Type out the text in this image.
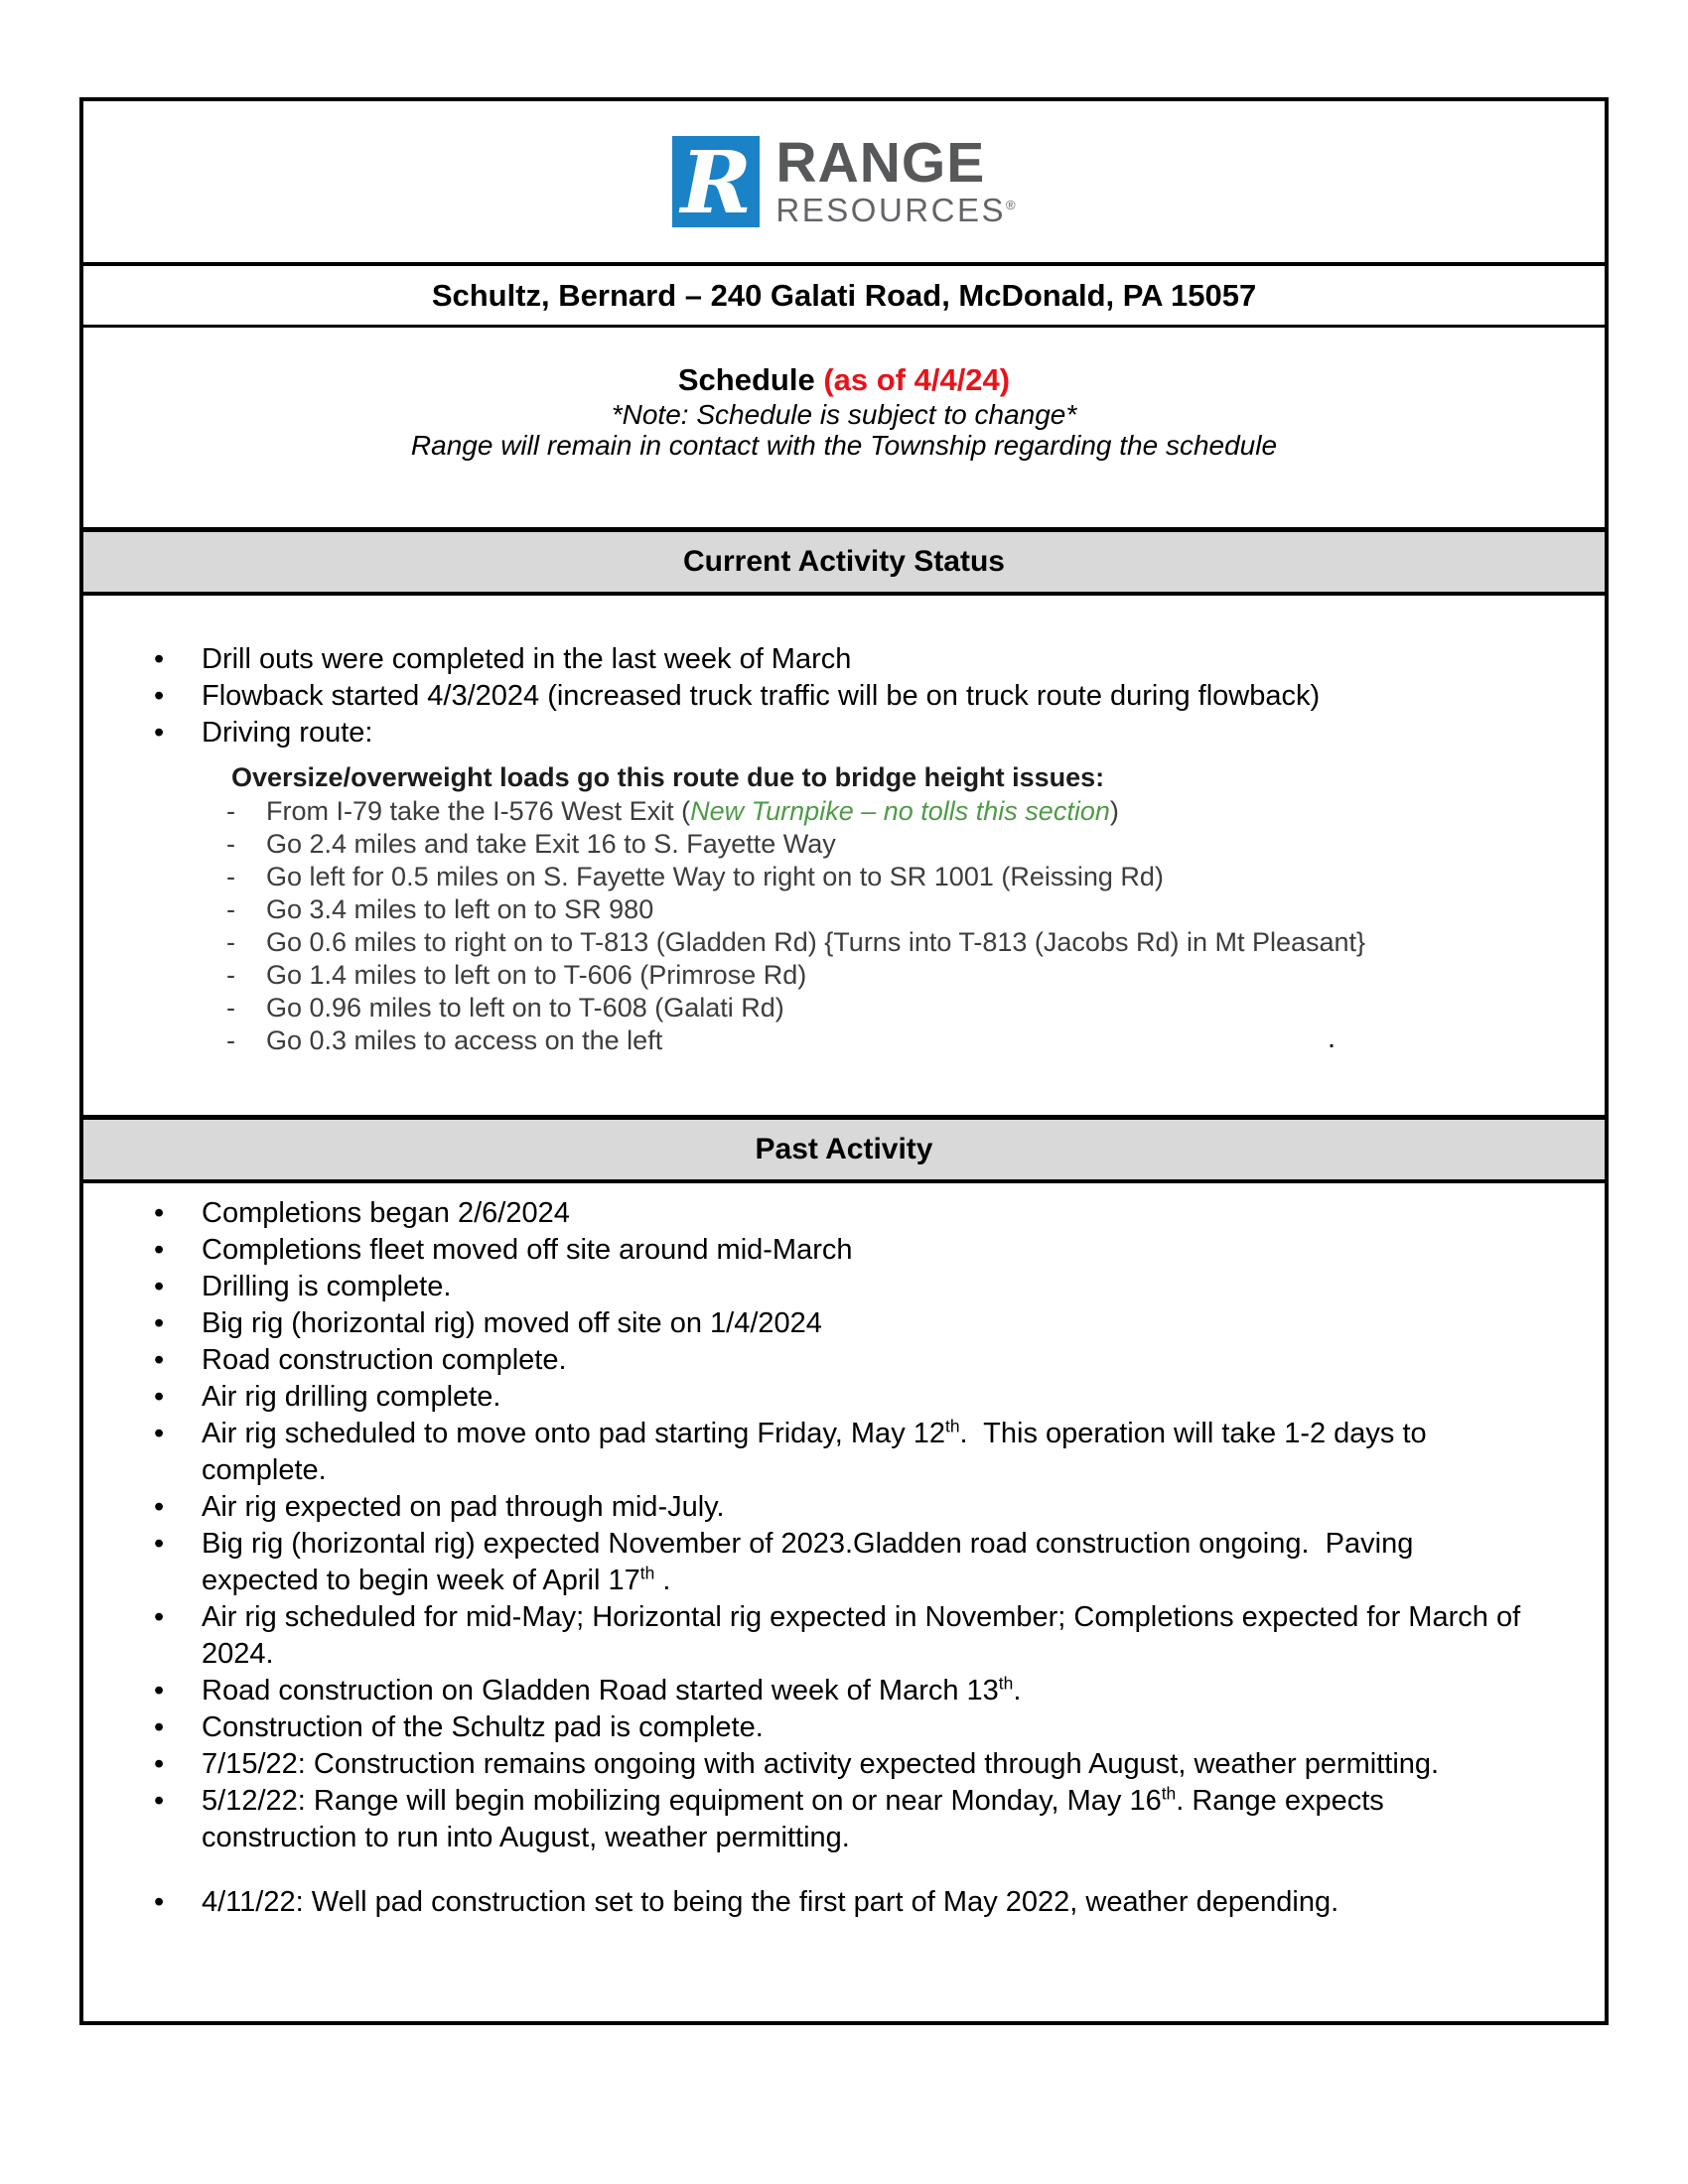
R RANGE
RESOURCES®
Schultz, Bernard – 240 Galati Road, McDonald, PA 15057
Schedule (as of 4/4/24)
*Note: Schedule is subject to change*
Range will remain in contact with the Township regarding the schedule
Current Activity Status
• Drill outs were completed in the last week of March
• Flowback started 4/3/2024 (increased truck traffic will be on truck route during flowback)
• Driving route:
Oversize/overweight loads go this route due to bridge height issues:
- From I-79 take the I-576 West Exit (New Turnpike – no tolls this section)
- Go 2.4 miles and take Exit 16 to S. Fayette Way
- Go left for 0.5 miles on S. Fayette Way to right on to SR 1001 (Reissing Rd)
- Go 3.4 miles to left on to SR 980
- Go 0.6 miles to right on to T-813 (Gladden Rd) {Turns into T-813 (Jacobs Rd) in Mt Pleasant}
- Go 1.4 miles to left on to T-606 (Primrose Rd)
- Go 0.96 miles to left on to T-608 (Galati Rd)
- Go 0.3 miles to access on the left	.
Past Activity
• Completions began 2/6/2024
• Completions fleet moved off site around mid-March
• Drilling is complete.
• Big rig (horizontal rig) moved off site on 1/4/2024
• Road construction complete.
• Air rig drilling complete.
• Air rig scheduled to move onto pad starting Friday, May 12th.  This operation will take 1-2 days to complete.
• Air rig expected on pad through mid-July.
• Big rig (horizontal rig) expected November of 2023.Gladden road construction ongoing.  Paving expected to begin week of April 17th .
• Air rig scheduled for mid-May; Horizontal rig expected in November; Completions expected for March of 2024.
• Road construction on Gladden Road started week of March 13th.
• Construction of the Schultz pad is complete.
• 7/15/22: Construction remains ongoing with activity expected through August, weather permitting.
• 5/12/22: Range will begin mobilizing equipment on or near Monday, May 16th. Range expects construction to run into August, weather permitting.
• 4/11/22: Well pad construction set to being the first part of May 2022, weather depending.
